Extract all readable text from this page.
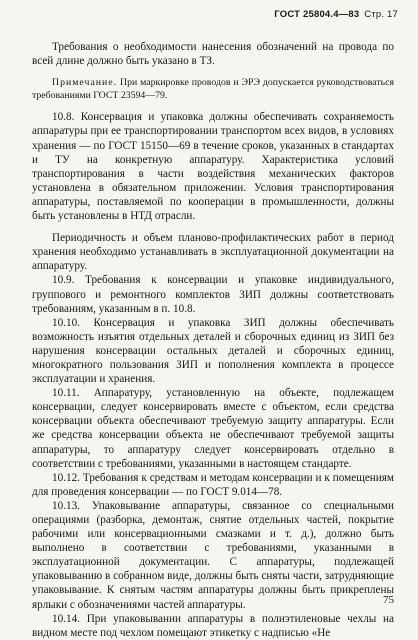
ГОСТ 25804.4—83 Стр. 17

Требования о необходимости нанесения обозначений на провода по всей длине должно быть указано в ТЗ.

Примечание. При маркировке проводов и ЭРЭ допускается руководствоваться требованиями ГОСТ 23594—79.

10.8. Консервация и упаковка должны обеспечивать сохраняемость аппаратуры при ее транспортировании транспортом всех видов, в условиях хранения — по ГОСТ 15150—69 в течение сроков, указанных в стандартах и ТУ на конкретную аппаратуру. Характеристика условий транспортирования в части воздействия механических факторов установлена в обязательном приложении. Условия транспортирования аппаратуры, поставляемой по кооперации в промышленности, должны быть установлены в НТД отрасли.

Периодичность и объем планово-профилактических работ в период хранения необходимо устанавливать в эксплуатационной документации на аппаратуру.

10.9. Требования к консервации и упаковке индивидуального, группового и ремонтного комплектов ЗИП должны соответствовать требованиям, указанным в п. 10.8.

10.10. Консервация и упаковка ЗИП должны обеспечивать возможность изъятия отдельных деталей и сборочных единиц из ЗИП без нарушения консервации остальных деталей и сборочных единиц, многократного пользования ЗИП и пополнения комплекта в процессе эксплуатации и хранения.

10.11. Аппаратуру, установленную на объекте, подлежащем консервации, следует консервировать вместе с объектом, если средства консервации объекта обеспечивают требуемую защиту аппаратуры. Если же средства консервации объекта не обеспечивают требуемой защиты аппаратуры, то аппаратуру следует консервировать отдельно в соответствии с требованиями, указанными в настоящем стандарте.

10.12. Требования к средствам и методам консервации и к помещениям для проведения консервации — по ГОСТ 9.014—78.

10.13. Упаковывание аппаратуры, связанное со специальными операциями (разборка, демонтаж, снятие отдельных частей, покрытие рабочими или консервационными смазками и т. д.), должно быть выполнено в соответствии с требованиями, указанными в эксплуатационной документации. С аппаратуры, подлежащей упаковыванию в собранном виде, должны быть сняты части, затрудняющие упаковывание. К снятым частям аппаратуры должны быть прикреплены ярлыки с обозначениями частей аппаратуры.

10.14. При упаковывании аппаратуры в полиэтиленовые чехлы на видном месте под чехлом помещают этикетку с надписью «Не

75
